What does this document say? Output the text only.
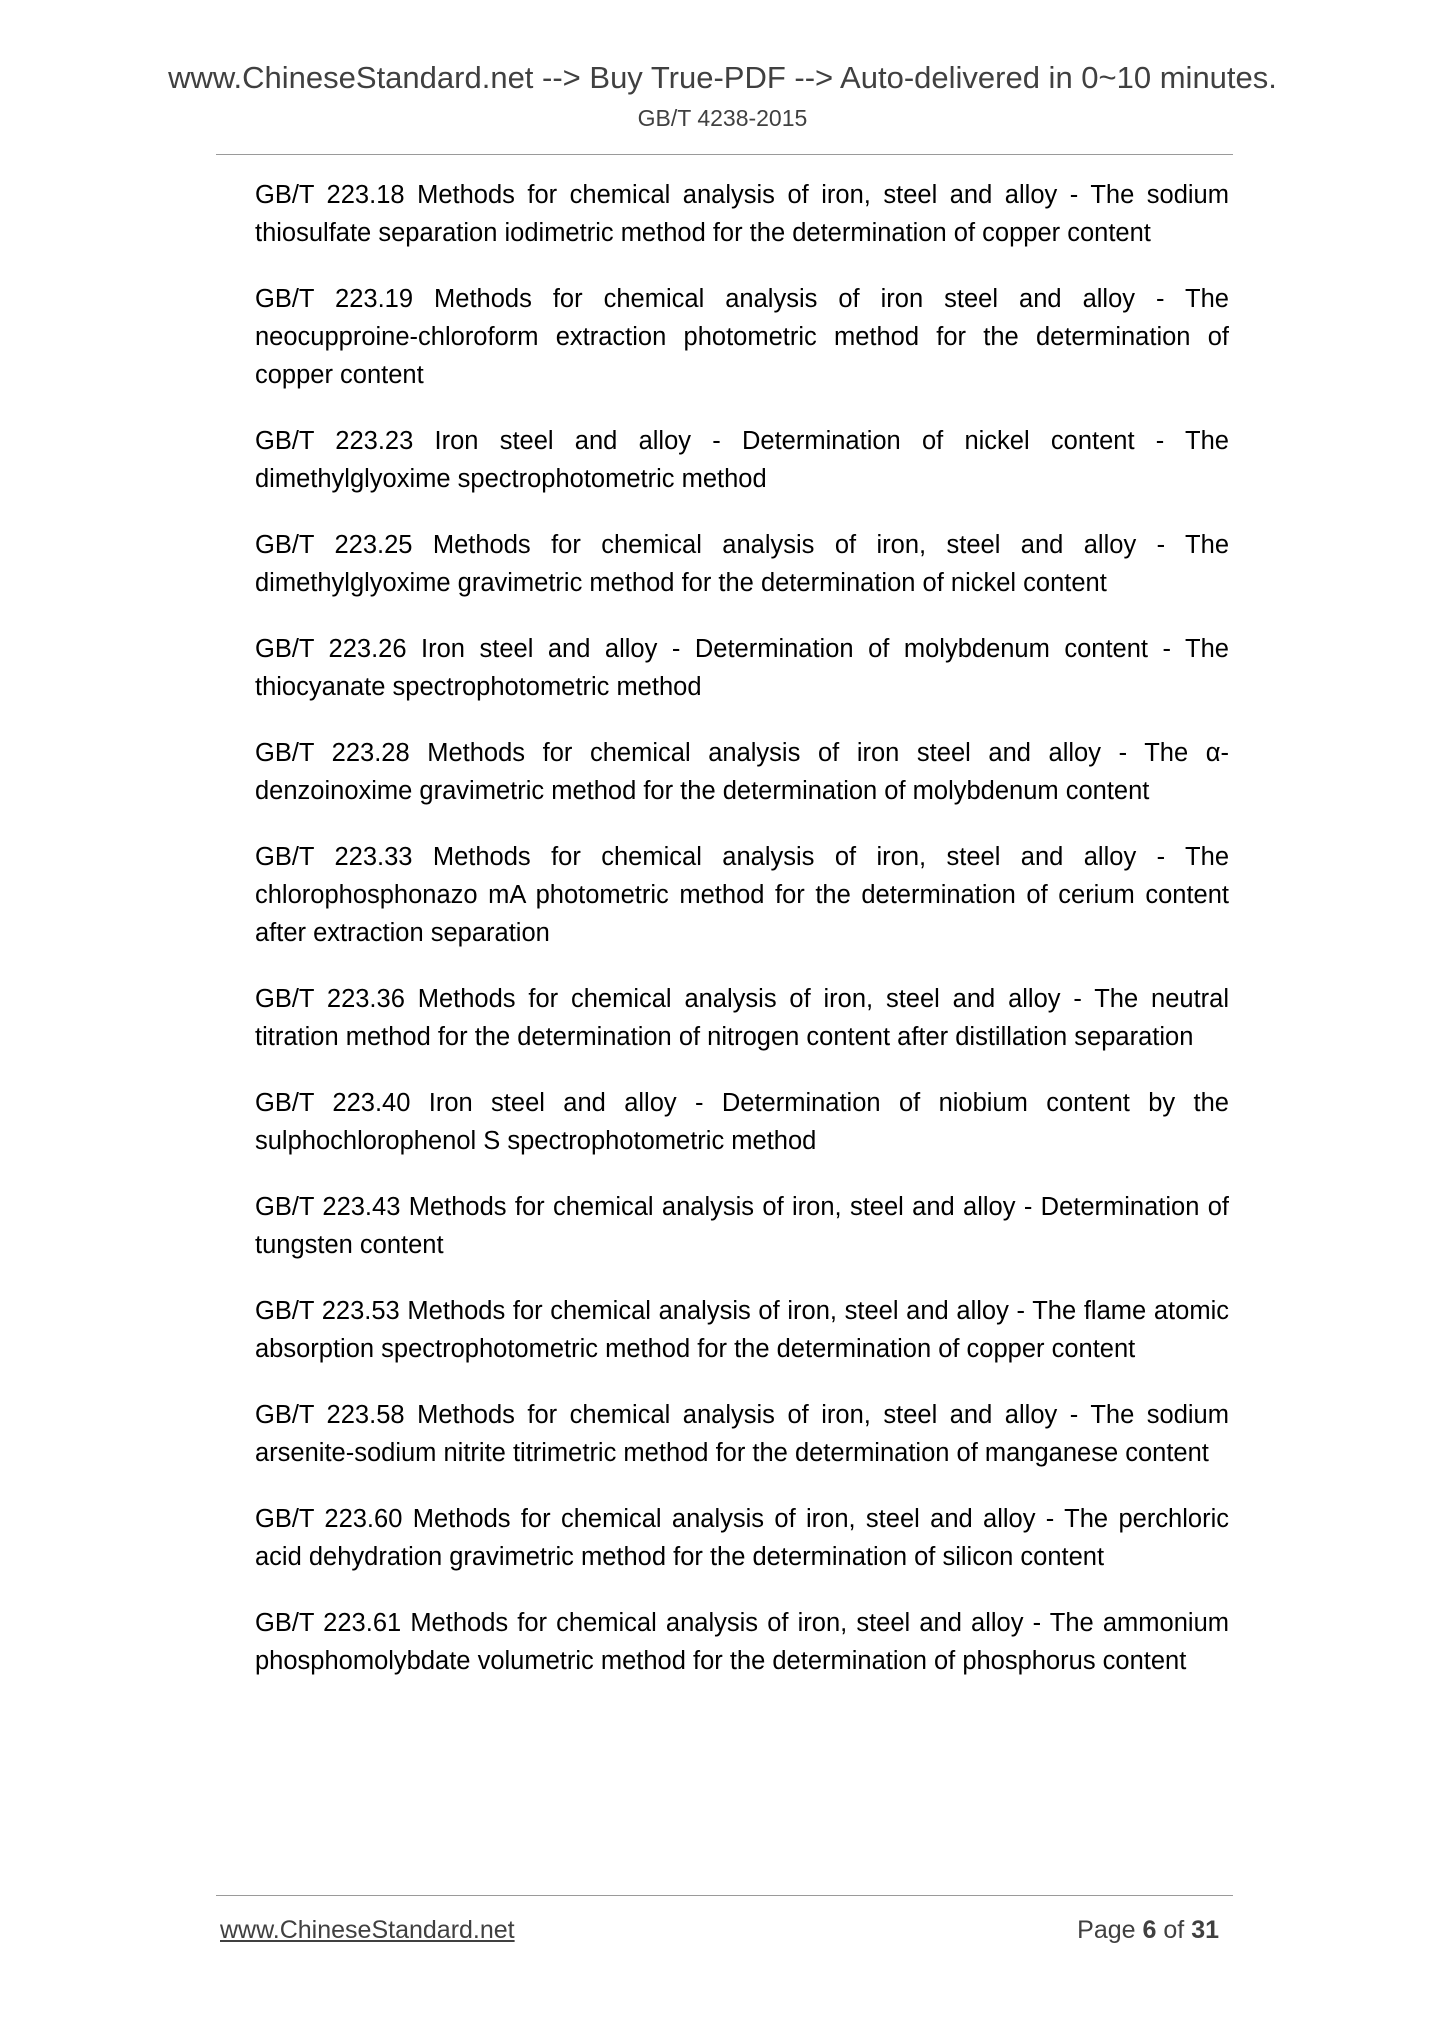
www.ChineseStandard.net --> Buy True-PDF --> Auto-delivered in 0~10 minutes.
GB/T 4238-2015

GB/T 223.18 Methods for chemical analysis of iron, steel and alloy - The sodium thiosulfate separation iodimetric method for the determination of copper content

GB/T 223.19 Methods for chemical analysis of iron steel and alloy - The neocupproine-chloroform extraction photometric method for the determination of copper content

GB/T 223.23 Iron steel and alloy - Determination of nickel content - The dimethylglyoxime spectrophotometric method

GB/T 223.25 Methods for chemical analysis of iron, steel and alloy - The dimethylglyoxime gravimetric method for the determination of nickel content

GB/T 223.26 Iron steel and alloy - Determination of molybdenum content - The thiocyanate spectrophotometric method

GB/T 223.28 Methods for chemical analysis of iron steel and alloy - The α-denzoinoxime gravimetric method for the determination of molybdenum content

GB/T 223.33 Methods for chemical analysis of iron, steel and alloy - The chlorophosphonazo mA photometric method for the determination of cerium content after extraction separation

GB/T 223.36 Methods for chemical analysis of iron, steel and alloy - The neutral titration method for the determination of nitrogen content after distillation separation

GB/T 223.40 Iron steel and alloy - Determination of niobium content by the sulphochlorophenol S spectrophotometric method

GB/T 223.43 Methods for chemical analysis of iron, steel and alloy - Determination of tungsten content

GB/T 223.53 Methods for chemical analysis of iron, steel and alloy - The flame atomic absorption spectrophotometric method for the determination of copper content

GB/T 223.58 Methods for chemical analysis of iron, steel and alloy - The sodium arsenite-sodium nitrite titrimetric method for the determination of manganese content

GB/T 223.60 Methods for chemical analysis of iron, steel and alloy - The perchloric acid dehydration gravimetric method for the determination of silicon content

GB/T 223.61 Methods for chemical analysis of iron, steel and alloy - The ammonium phosphomolybdate volumetric method for the determination of phosphorus content

www.ChineseStandard.net	Page 6 of 31
